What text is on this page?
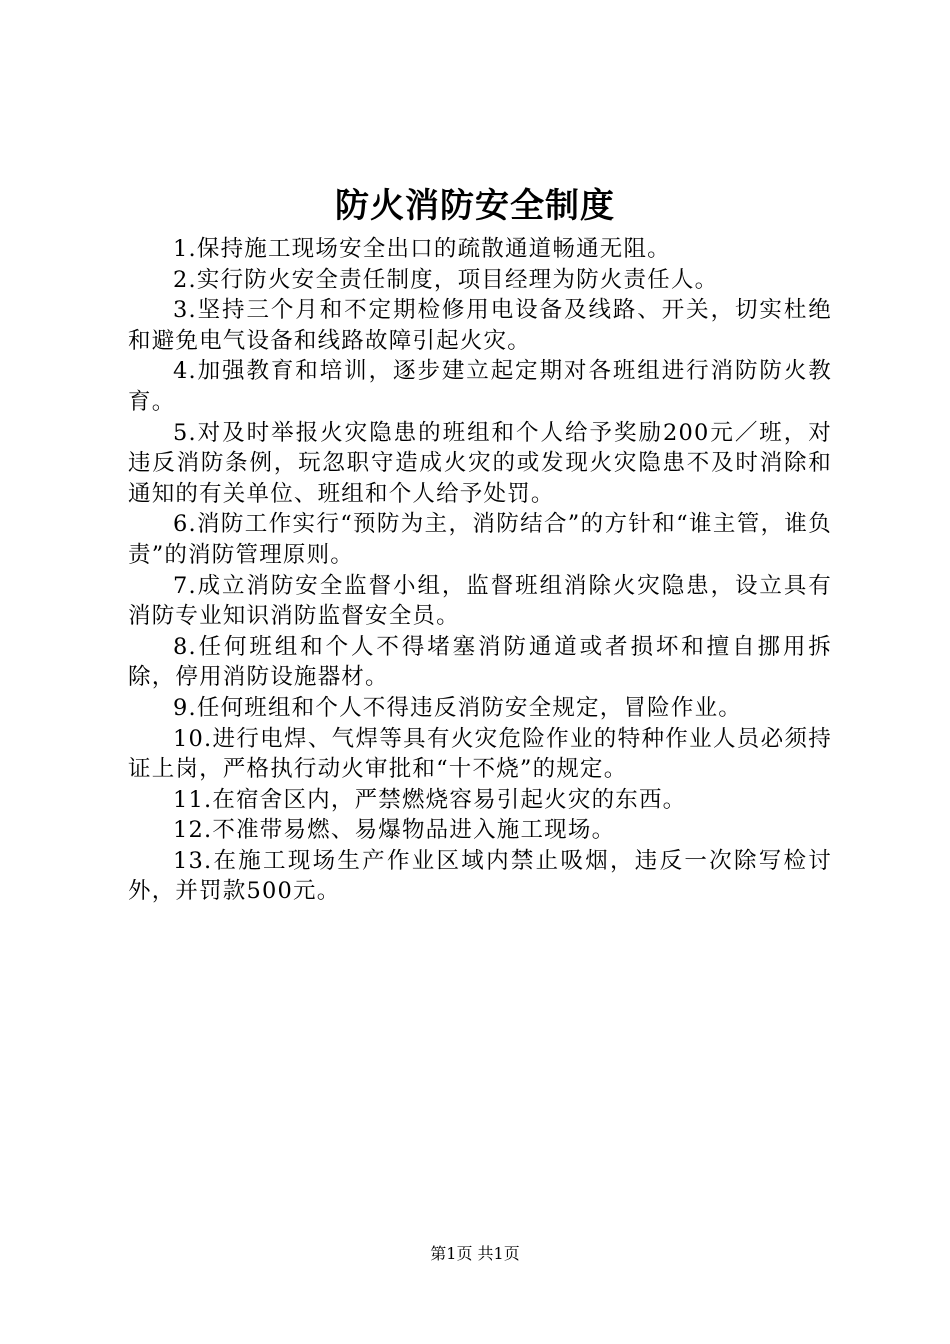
防火消防安全制度

1.保持施工现场安全出口的疏散通道畅通无阻。

2.实行防火安全责任制度，项目经理为防火责任人。

3.坚持三个月和不定期检修用电设备及线路、开关，切实杜绝和避免电气设备和线路故障引起火灾。

4.加强教育和培训，逐步建立起定期对各班组进行消防防火教育。

5.对及时举报火灾隐患的班组和个人给予奖励200元／班，对违反消防条例，玩忽职守造成火灾的或发现火灾隐患不及时消除和通知的有关单位、班组和个人给予处罚。

6.消防工作实行“预防为主，消防结合”的方针和“谁主管，谁负责”的消防管理原则。

7.成立消防安全监督小组，监督班组消除火灾隐患，设立具有消防专业知识消防监督安全员。

8.任何班组和个人不得堵塞消防通道或者损坏和擅自挪用拆除，停用消防设施器材。

9.任何班组和个人不得违反消防安全规定，冒险作业。

10.进行电焊、气焊等具有火灾危险作业的特种作业人员必须持证上岗，严格执行动火审批和“十不烧”的规定。

11.在宿舍区内，严禁燃烧容易引起火灾的东西。

12.不准带易燃、易爆物品进入施工现场。

13.在施工现场生产作业区域内禁止吸烟，违反一次除写检讨外，并罚款500元。

第1页 共1页
